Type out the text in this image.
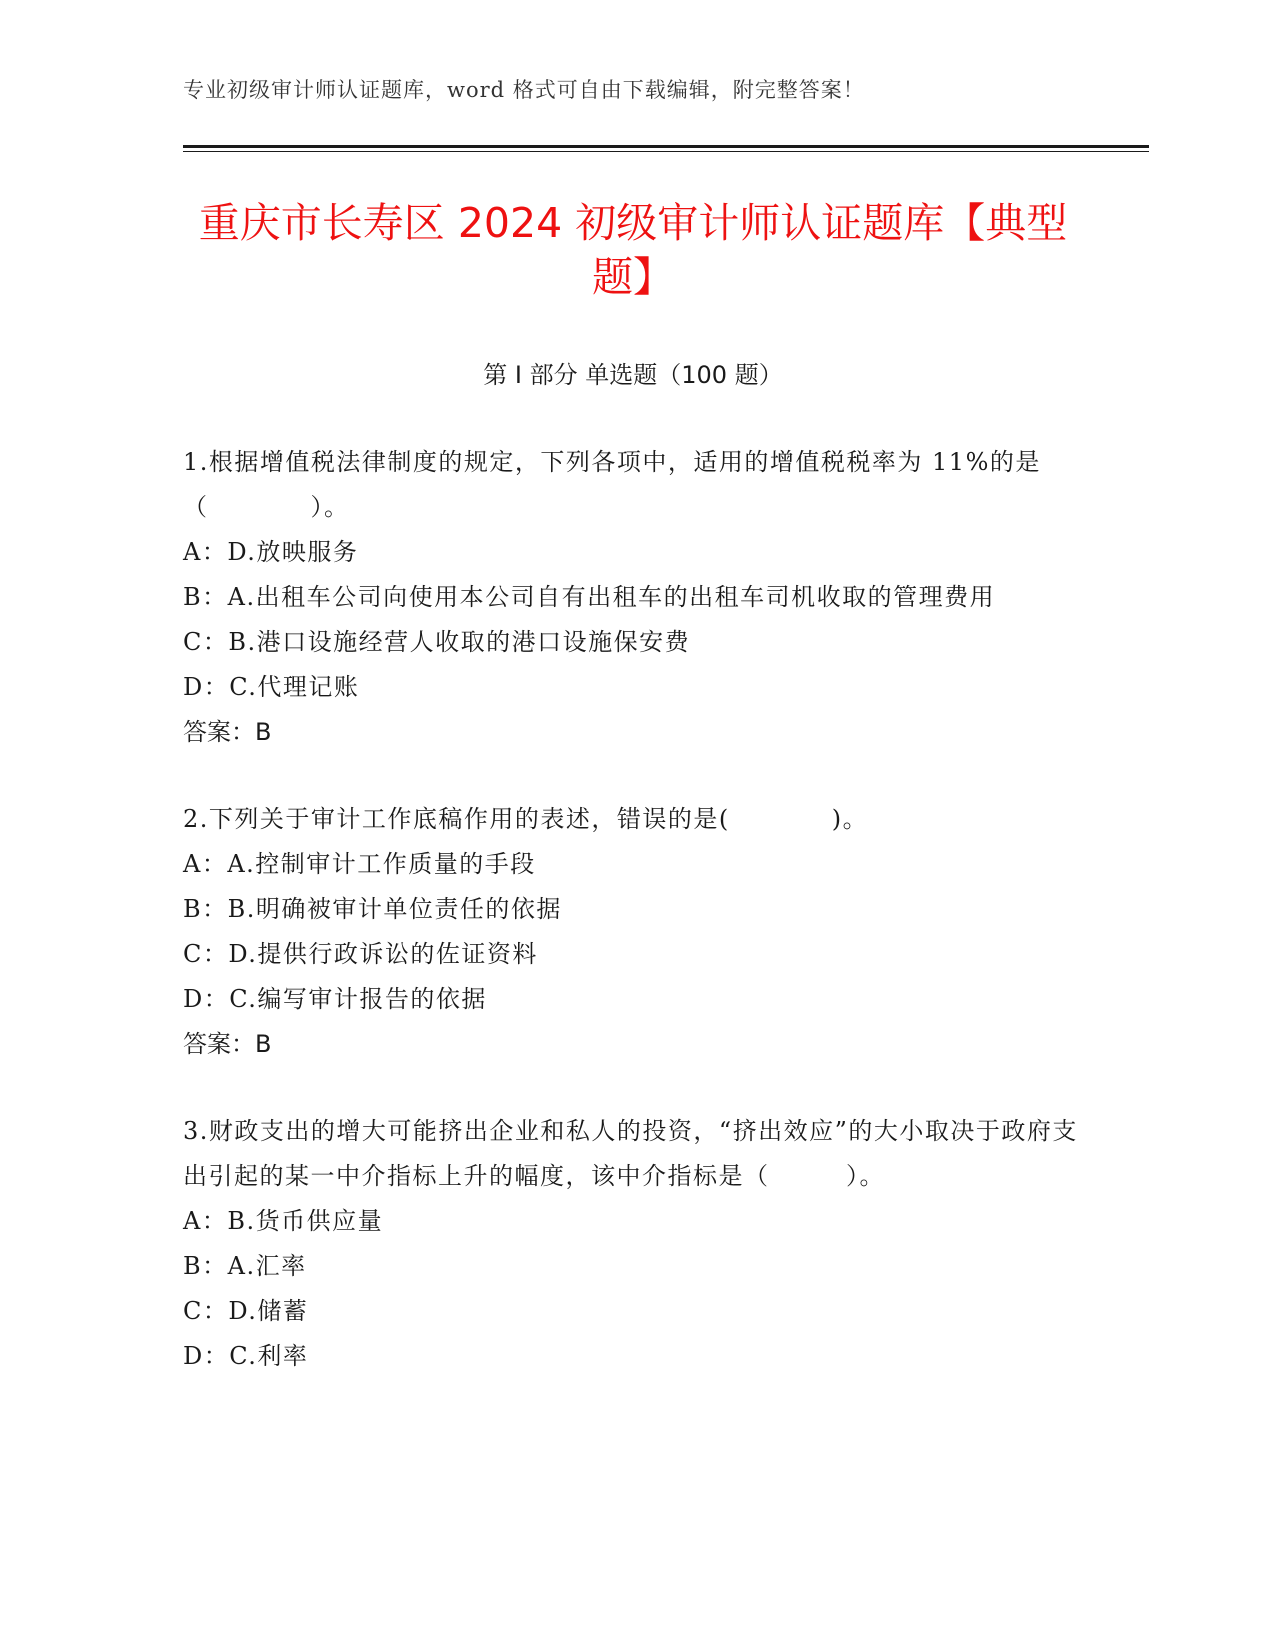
专业初级审计师认证题库，word 格式可自由下载编辑，附完整答案！
重庆市长寿区 2024 初级审计师认证题库【典型题】
第 I 部分 单选题（100 题）

1.根据增值税法律制度的规定，下列各项中，适用的增值税税率为 11%的是（　　　　）。

A：D.放映服务

B：A.出租车公司向使用本公司自有出租车的出租车司机收取的管理费用

C：B.港口设施经营人收取的港口设施保安费

D：C.代理记账

答案：B

2.下列关于审计工作底稿作用的表述，错误的是(　　　　)。

A：A.控制审计工作质量的手段

B：B.明确被审计单位责任的依据

C：D.提供行政诉讼的佐证资料

D：C.编写审计报告的依据

答案：B

3.财政支出的增大可能挤出企业和私人的投资，“挤出效应”的大小取决于政府支出引起的某一中介指标上升的幅度，该中介指标是（　　　）。

A：B.货币供应量

B：A.汇率

C：D.储蓄

D：C.利率
